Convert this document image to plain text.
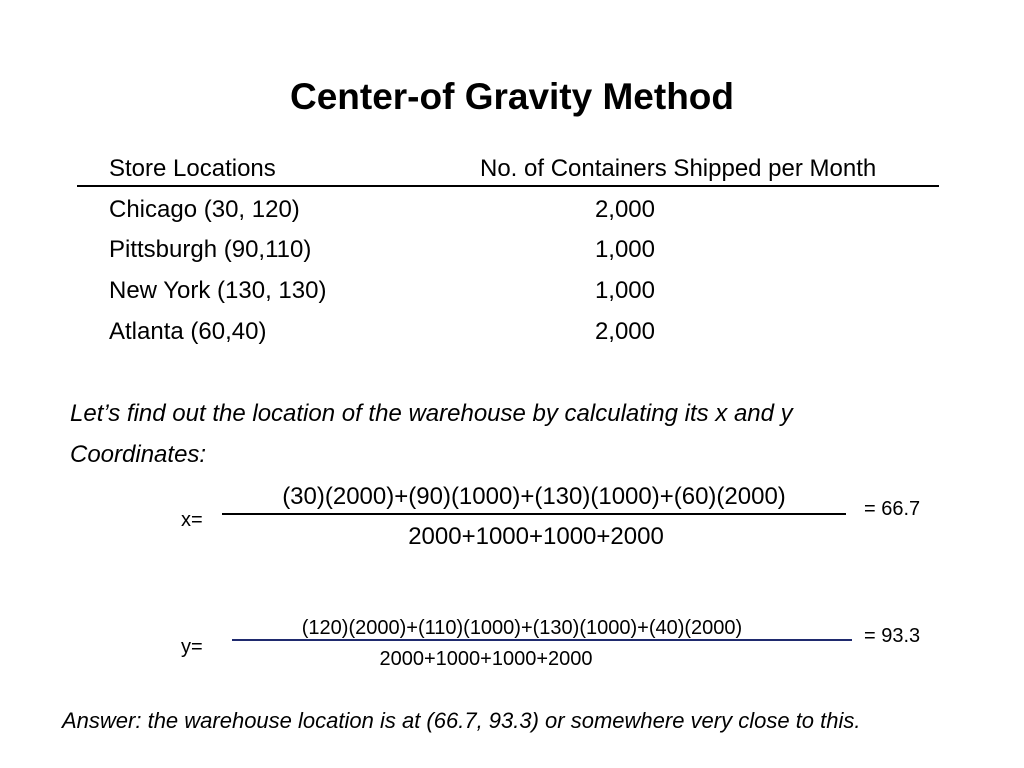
Center-of Gravity Method
Store Locations	No. of Containers Shipped per Month
Chicago (30, 120)	2,000
Pittsburgh (90,110)	1,000
New York (130, 130)	1,000
Atlanta (60,40)	2,000
Let’s find out the location of the warehouse by calculating its x and y
Coordinates:
x=
(30)(2000)+(90)(1000)+(130)(1000)+(60)(2000)
2000+1000+1000+2000
= 66.7
y=
(120)(2000)+(110)(1000)+(130)(1000)+(40)(2000)
2000+1000+1000+2000
= 93.3
Answer: the warehouse location is at (66.7, 93.3) or somewhere very close to this.
